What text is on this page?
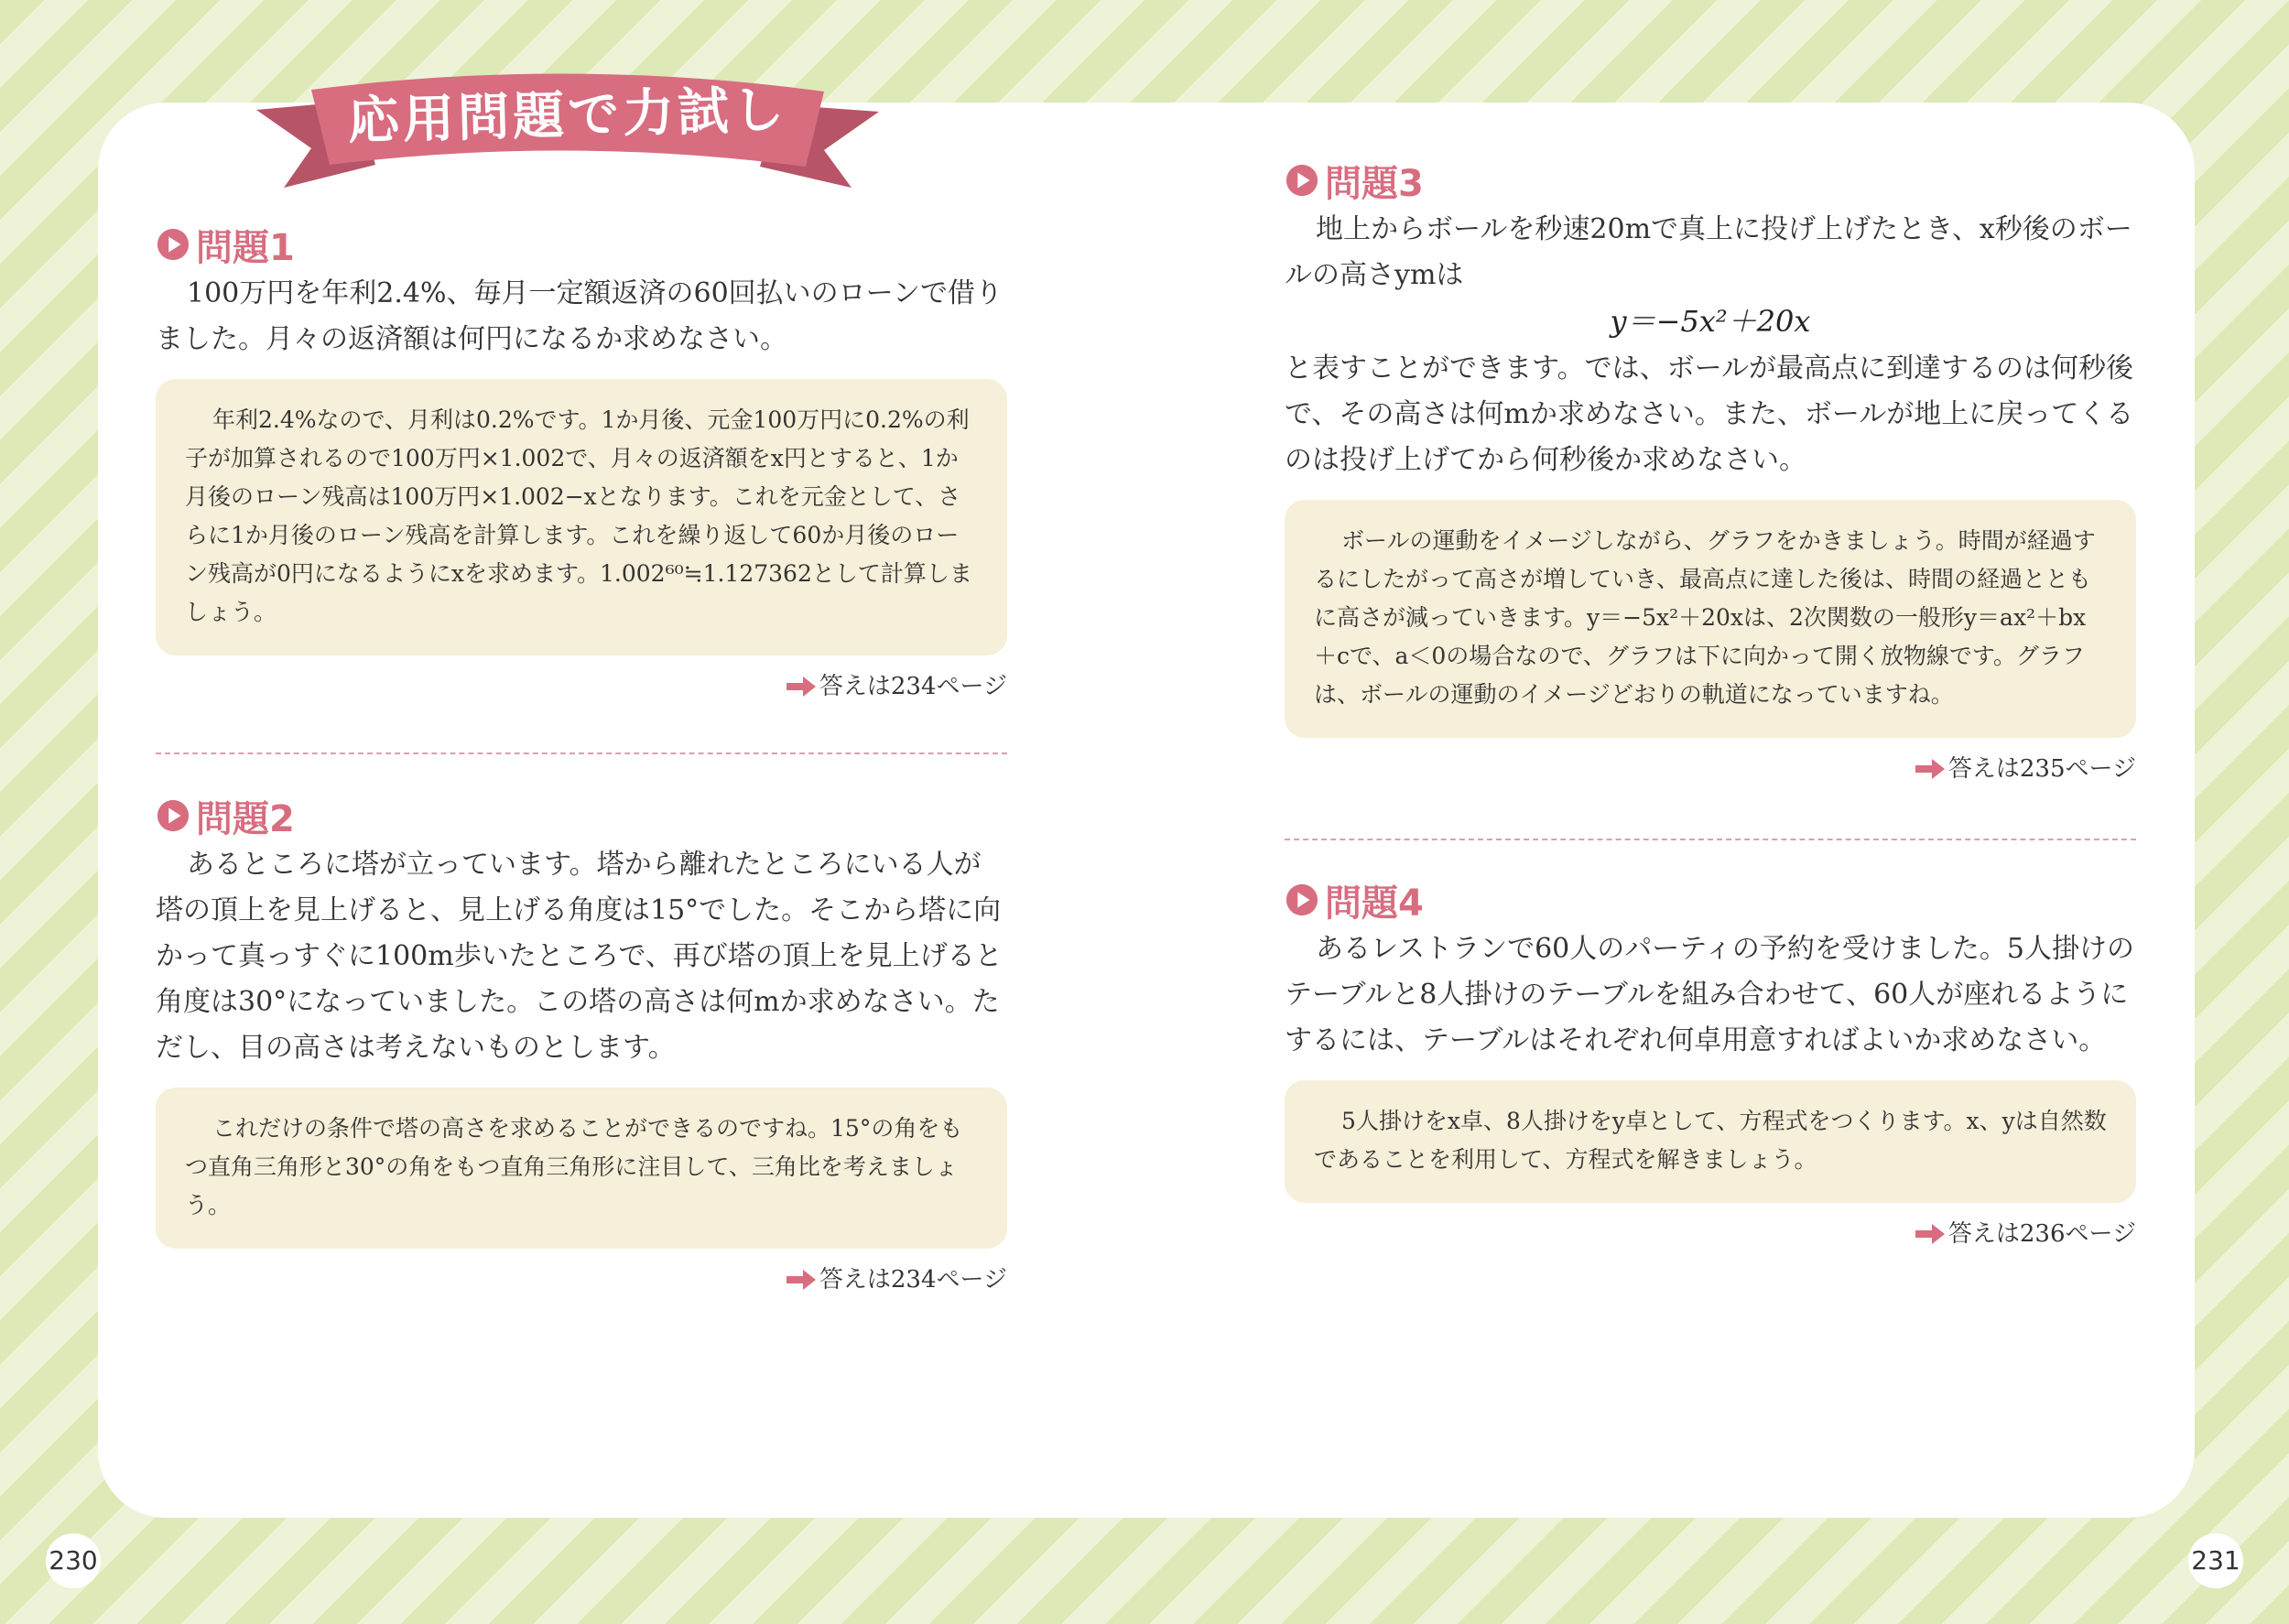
応用問題で力試し
問題1

100万円を年利2.4%、毎月一定額返済の60回払いのローンで借りました。月々の返済額は何円になるか求めなさい。

年利2.4%なので、月利は0.2%です。1か月後、元金100万円に0.2%の利子が加算されるので100万円×1.002で、月々の返済額をx円とすると、1か月後のローン残高は100万円×1.002−xとなります。これを元金として、さらに1か月後のローン残高を計算します。これを繰り返して60か月後のローン残高が0円になるようにxを求めます。1.002⁶⁰≒1.127362として計算しましょう。

答えは234ページ
問題2

あるところに塔が立っています。塔から離れたところにいる人が塔の頂上を見上げると、見上げる角度は15°でした。そこから塔に向かって真っすぐに100m歩いたところで、再び塔の頂上を見上げると角度は30°になっていました。この塔の高さは何mか求めなさい。ただし、目の高さは考えないものとします。

これだけの条件で塔の高さを求めることができるのですね。15°の角をもつ直角三角形と30°の角をもつ直角三角形に注目して、三角比を考えましょう。

答えは234ページ
問題3

地上からボールを秒速20mで真上に投げ上げたとき、x秒後のボールの高さymは

y＝−5x²＋20x

と表すことができます。では、ボールが最高点に到達するのは何秒後で、その高さは何mか求めなさい。また、ボールが地上に戻ってくるのは投げ上げてから何秒後か求めなさい。

ボールの運動をイメージしながら、グラフをかきましょう。時間が経過するにしたがって高さが増していき、最高点に達した後は、時間の経過とともに高さが減っていきます。y＝−5x²＋20xは、2次関数の一般形y＝ax²＋bx＋cで、a＜0の場合なので、グラフは下に向かって開く放物線です。グラフは、ボールの運動のイメージどおりの軌道になっていますね。

答えは235ページ
問題4

あるレストランで60人のパーティの予約を受けました。5人掛けのテーブルと8人掛けのテーブルを組み合わせて、60人が座れるようにするには、テーブルはそれぞれ何卓用意すればよいか求めなさい。

5人掛けをx卓、8人掛けをy卓として、方程式をつくります。x、yは自然数であることを利用して、方程式を解きましょう。

答えは236ページ
230	231
